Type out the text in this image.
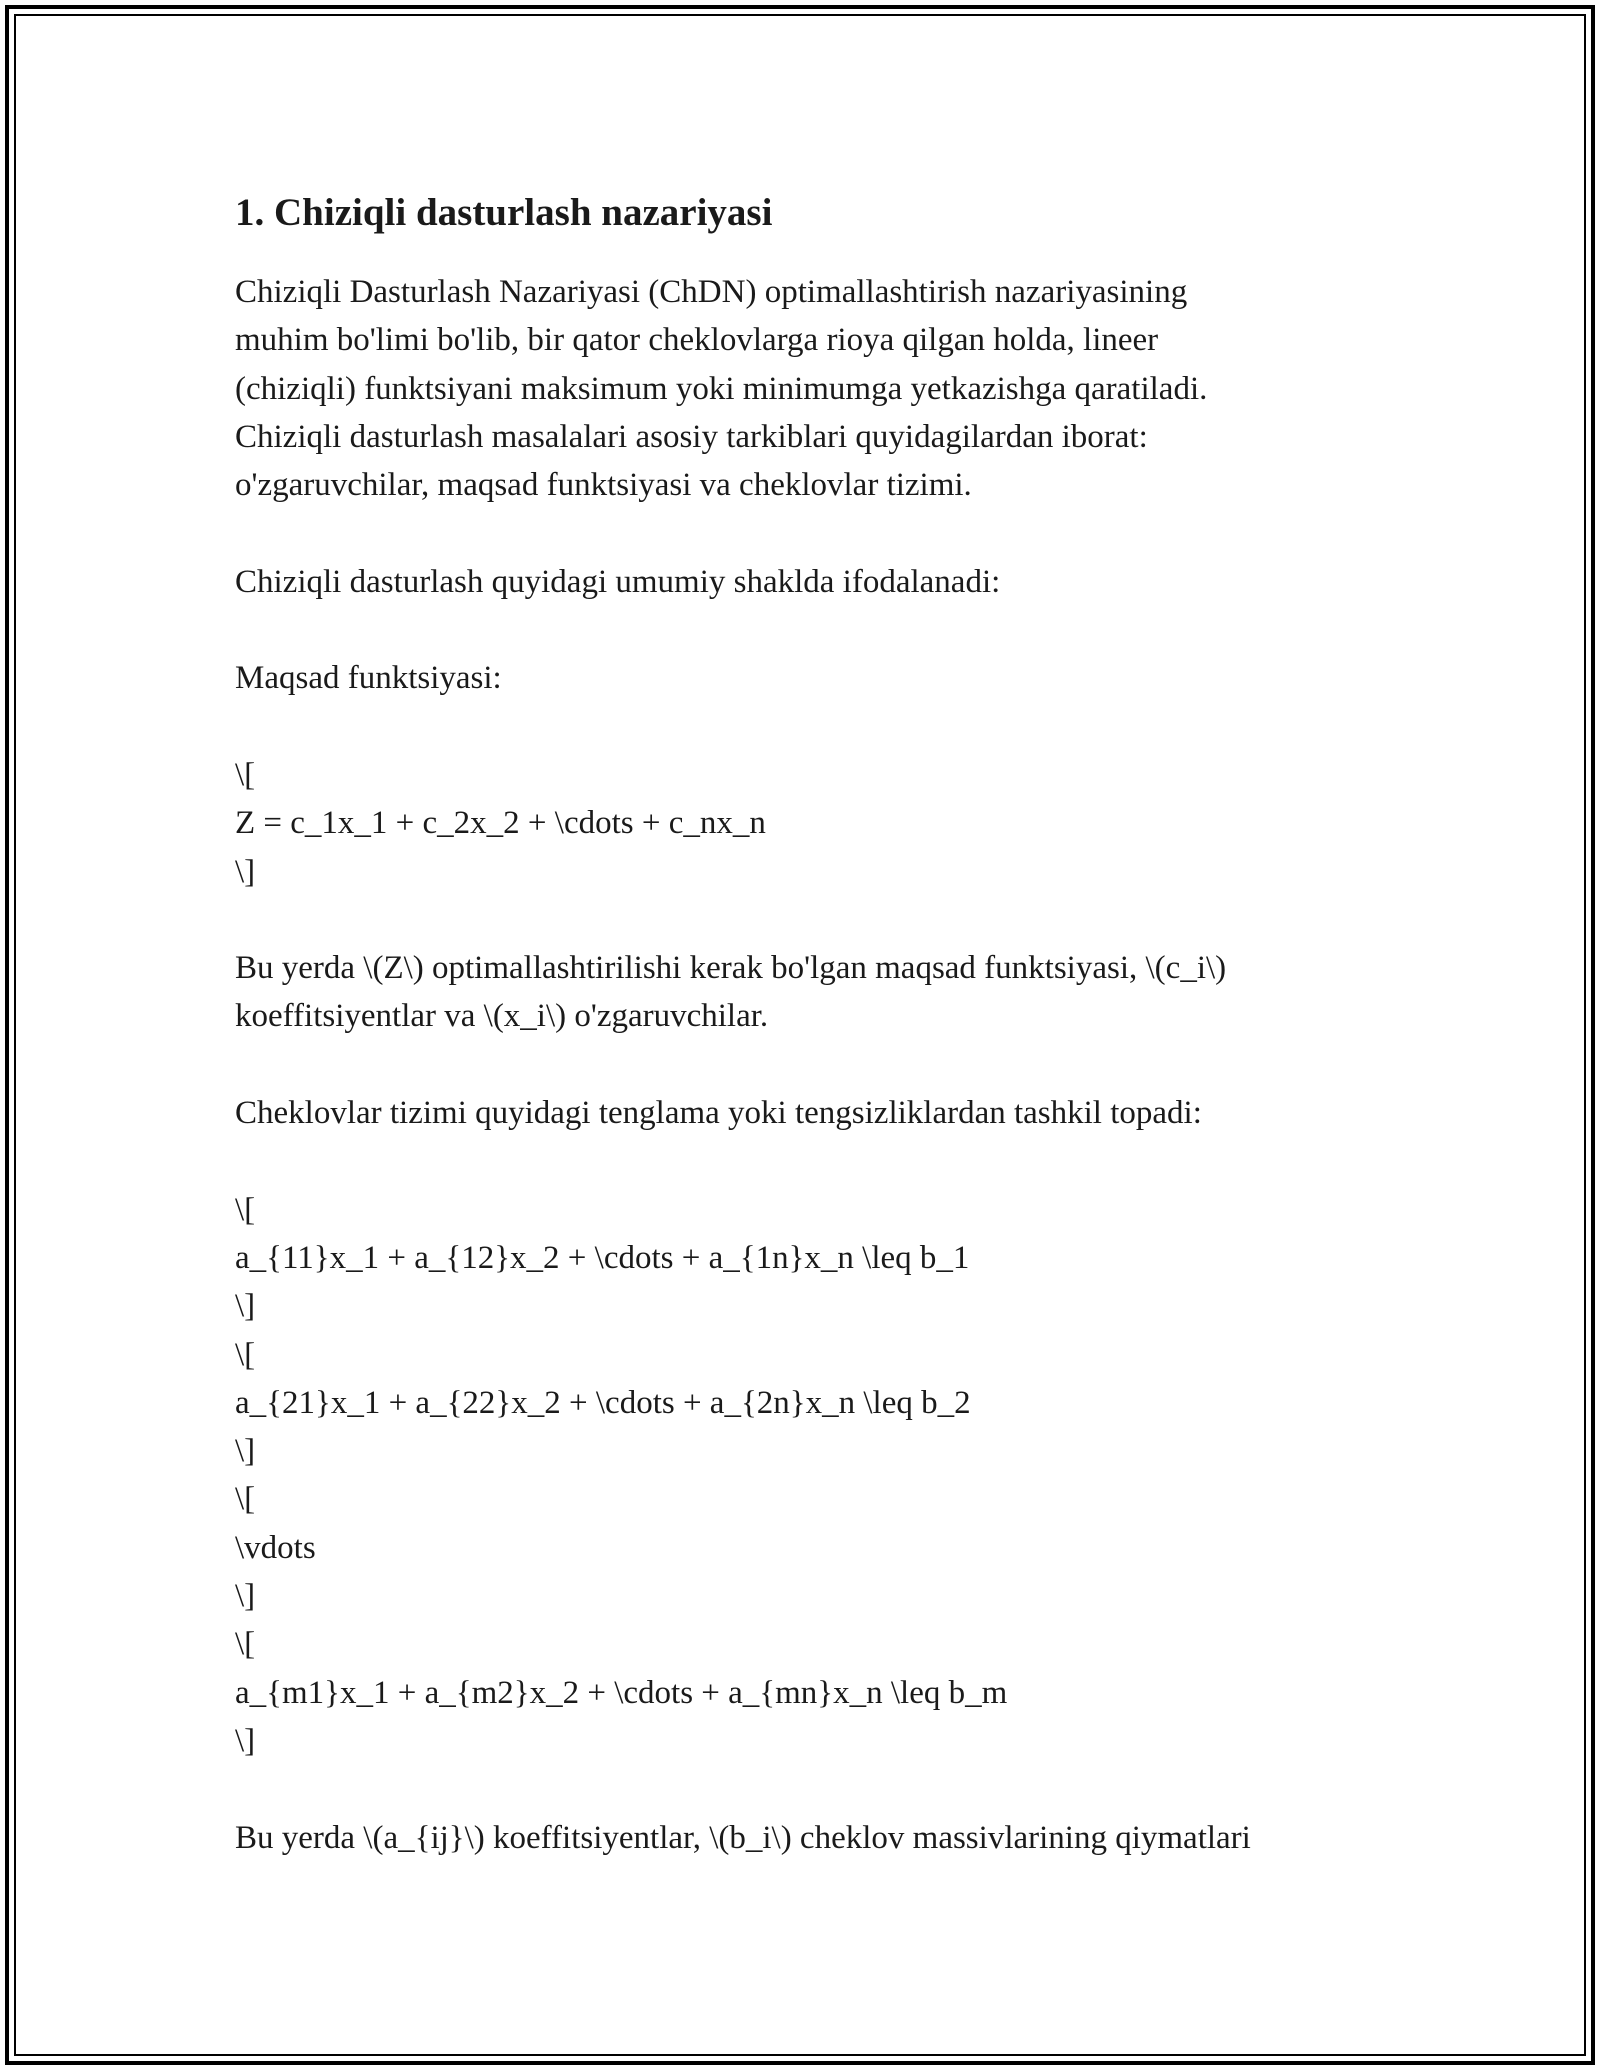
1. Chiziqli dasturlash nazariyasi
Chiziqli Dasturlash Nazariyasi (ChDN) optimallashtirish nazariyasining
muhim bo'limi bo'lib, bir qator cheklovlarga rioya qilgan holda, lineer
(chiziqli) funktsiyani maksimum yoki minimumga yetkazishga qaratiladi.
Chiziqli dasturlash masalalari asosiy tarkiblari quyidagilardan iborat:
o'zgaruvchilar, maqsad funktsiyasi va cheklovlar tizimi.
Chiziqli dasturlash quyidagi umumiy shaklda ifodalanadi:
Maqsad funktsiyasi:
\[
Z = c_1x_1 + c_2x_2 + \cdots + c_nx_n
\]
Bu yerda \(Z\) optimallashtirilishi kerak bo'lgan maqsad funktsiyasi, \(c_i\)
koeffitsiyentlar va \(x_i\) o'zgaruvchilar.
Cheklovlar tizimi quyidagi tenglama yoki tengsizliklardan tashkil topadi:
\[
a_{11}x_1 + a_{12}x_2 + \cdots + a_{1n}x_n \leq b_1
\]
\[
a_{21}x_1 + a_{22}x_2 + \cdots + a_{2n}x_n \leq b_2
\]
\[
\vdots
\]
\[
a_{m1}x_1 + a_{m2}x_2 + \cdots + a_{mn}x_n \leq b_m
\]
Bu yerda \(a_{ij}\) koeffitsiyentlar, \(b_i\) cheklov massivlarining qiymatlari
